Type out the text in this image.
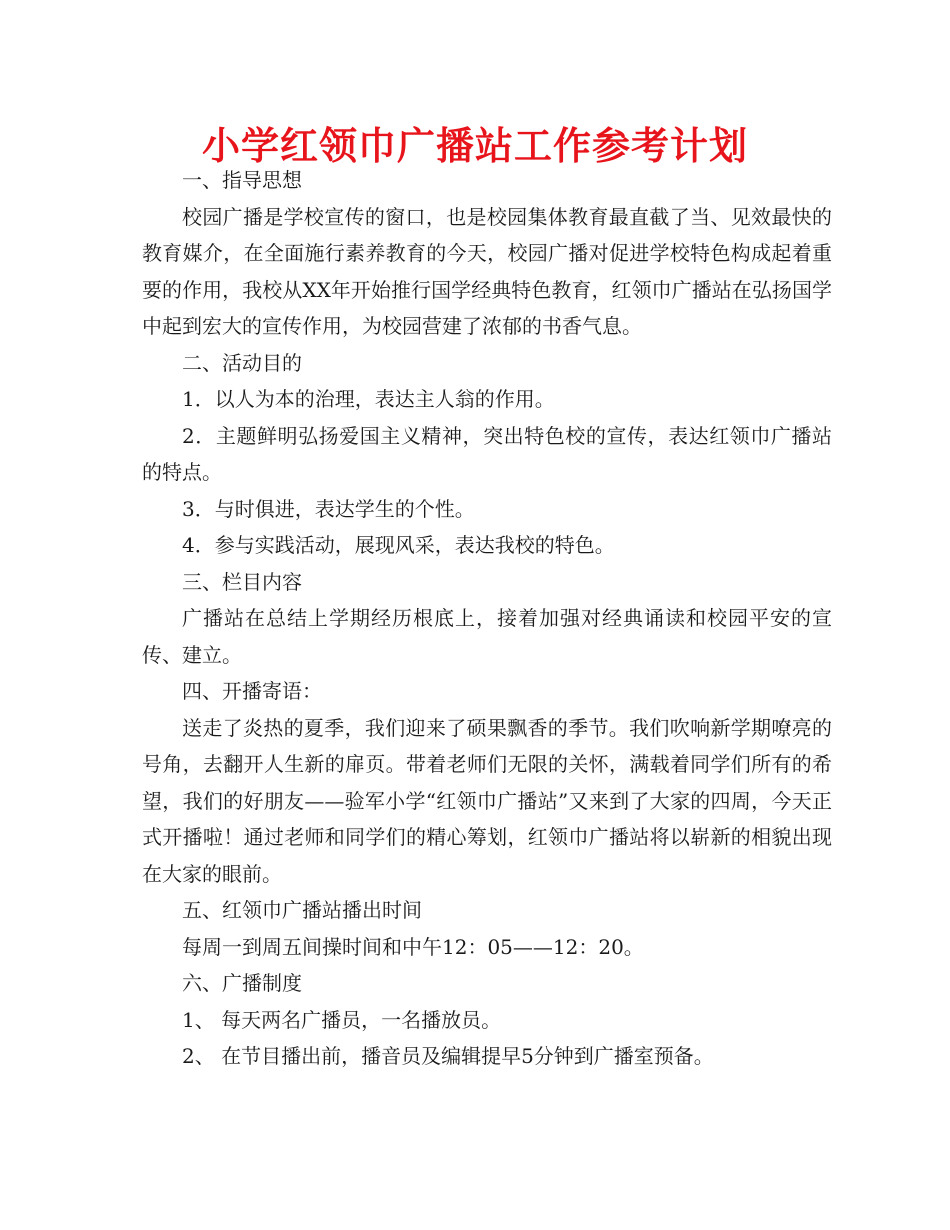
小学红领巾广播站工作参考计划

一、指导思想

校园广播是学校宣传的窗口，也是校园集体教育最直截了当、见效最快的教育媒介，在全面施行素养教育的今天，校园广播对促进学校特色构成起着重要的作用，我校从XX年开始推行国学经典特色教育，红领巾广播站在弘扬国学中起到宏大的宣传作用，为校园营建了浓郁的书香气息。

二、活动目的

1．以人为本的治理，表达主人翁的作用。

2．主题鲜明弘扬爱国主义精神，突出特色校的宣传，表达红领巾广播站的特点。

3．与时俱进，表达学生的个性。

4．参与实践活动，展现风采，表达我校的特色。

三、栏目内容

广播站在总结上学期经历根底上，接着加强对经典诵读和校园平安的宣传、建立。

四、开播寄语：

送走了炎热的夏季，我们迎来了硕果飘香的季节。我们吹响新学期嘹亮的号角，去翻开人生新的扉页。带着老师们无限的关怀，满载着同学们所有的希望，我们的好朋友——验军小学“红领巾广播站”又来到了大家的四周，今天正式开播啦！通过老师和同学们的精心筹划，红领巾广播站将以崭新的相貌出现在大家的眼前。

五、红领巾广播站播出时间

每周一到周五间操时间和中午12：05——12：20。

六、广播制度

1、 每天两名广播员，一名播放员。

2、 在节目播出前，播音员及编辑提早5分钟到广播室预备。
